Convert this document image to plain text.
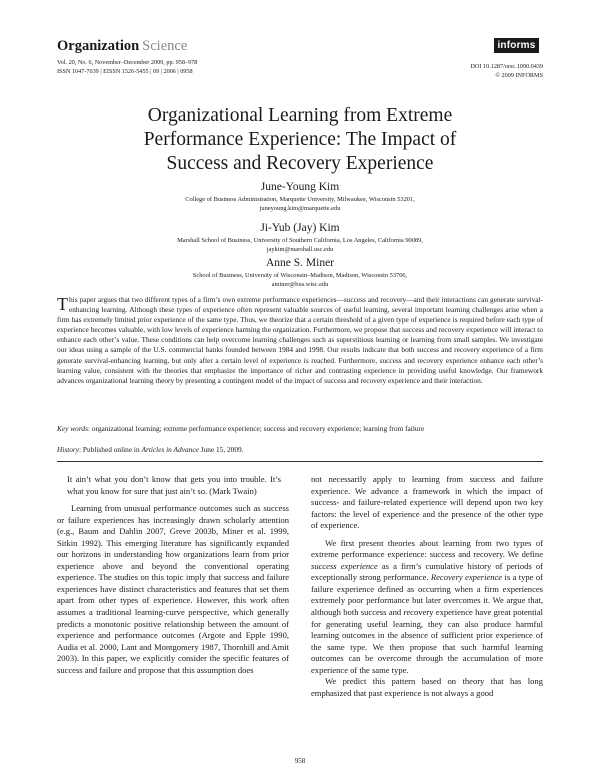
Organization Science
Vol. 20, No. 6, November–December 2009, pp. 958–978
ISSN 1047-7039 | EISSN 1526-5455 | 09 | 2006 | 0958
informs
DOI 10.1287/orsc.1090.0439
© 2009 INFORMS
Organizational Learning from Extreme
Performance Experience: The Impact of
Success and Recovery Experience
June-Young Kim
College of Business Administration, Marquette University, Milwaukee, Wisconsin 53201,
juneyoung.kim@marquette.edu
Ji-Yub (Jay) Kim
Marshall School of Business, University of Southern California, Los Angeles, California 90089,
jaykim@marshall.usc.edu
Anne S. Miner
School of Business, University of Wisconsin–Madison, Madison, Wisconsin 53706,
aminer@bus.wisc.edu
This paper argues that two different types of a firm’s own extreme performance experiences—success and recovery—and their interactions can generate survival-enhancing learning. Although these types of experience often represent valuable sources of useful learning, several important learning challenges arise when a firm has extremely limited prior experience of the same type. Thus, we theorize that a certain threshold of a given type of experience is required before each type of experience becomes valuable, with low levels of experience harming the organization. Furthermore, we propose that success and recovery experience will interact to enhance each other’s value. These conditions can help overcome learning challenges such as superstitious learning or learning from small samples. We investigate our ideas using a sample of the U.S. commercial banks founded between 1984 and 1998. Our results indicate that both success and recovery experience of a firm generate survival-enhancing learning, but only after a certain level of experience is reached. Furthermore, success and recovery experience enhance each other’s learning value, consistent with the theories that emphasize the importance of richer and contrasting experience in providing useful knowledge. Our framework advances organizational learning theory by presenting a contingent model of the impact of success and recovery experience and their interaction.
Key words: organizational learning; extreme performance experience; success and recovery experience; learning from failure
History: Published online in Articles in Advance June 15, 2009.

It ain’t what you don’t know that gets you into trouble. It’s what you know for sure that just ain’t so. (Mark Twain)

Learning from unusual performance outcomes such as success or failure experiences has increasingly drawn scholarly attention (e.g., Baum and Dahlin 2007, Greve 2003b, Miner et al. 1999, Sitkin 1992). This emerging literature has significantly expanded our horizons in understanding how organizations learn from prior experience above and beyond the conventional operating experience. The studies on this topic imply that success and failure experiences have distinct characteristics and features that set them apart from other types of experience. However, this work often assumes a traditional learning-curve perspective, which generally predicts a monotonic positive relationship between the amount of experience and performance outcomes (Argote and Epple 1990, Audia et al. 2000, Lant and Montgomery 1987, Thornhill and Amit 2003). In this paper, we explicitly consider the specific features of success and failure and propose that this assumption does

not necessarily apply to learning from success and failure experience. We advance a framework in which the impact of success- and failure-related experience will depend upon two key factors: the level of experience and the presence of the other type of experience.

We first present theories about learning from two types of extreme performance experience: success and recovery. We define success experience as a firm’s cumulative history of periods of exceptionally strong performance. Recovery experience is a type of failure experience defined as occurring when a firm experiences extremely poor performance but later overcomes it. We argue that, although both success and recovery experience have great potential for generating useful learning, they can also produce harmful learning outcomes in the absence of sufficient prior experience of the same type. We then propose that such harmful learning outcomes can be overcome through the accumulation of more experience of the same type.

We predict this pattern based on theory that has long emphasized that past experience is not always a good

958
